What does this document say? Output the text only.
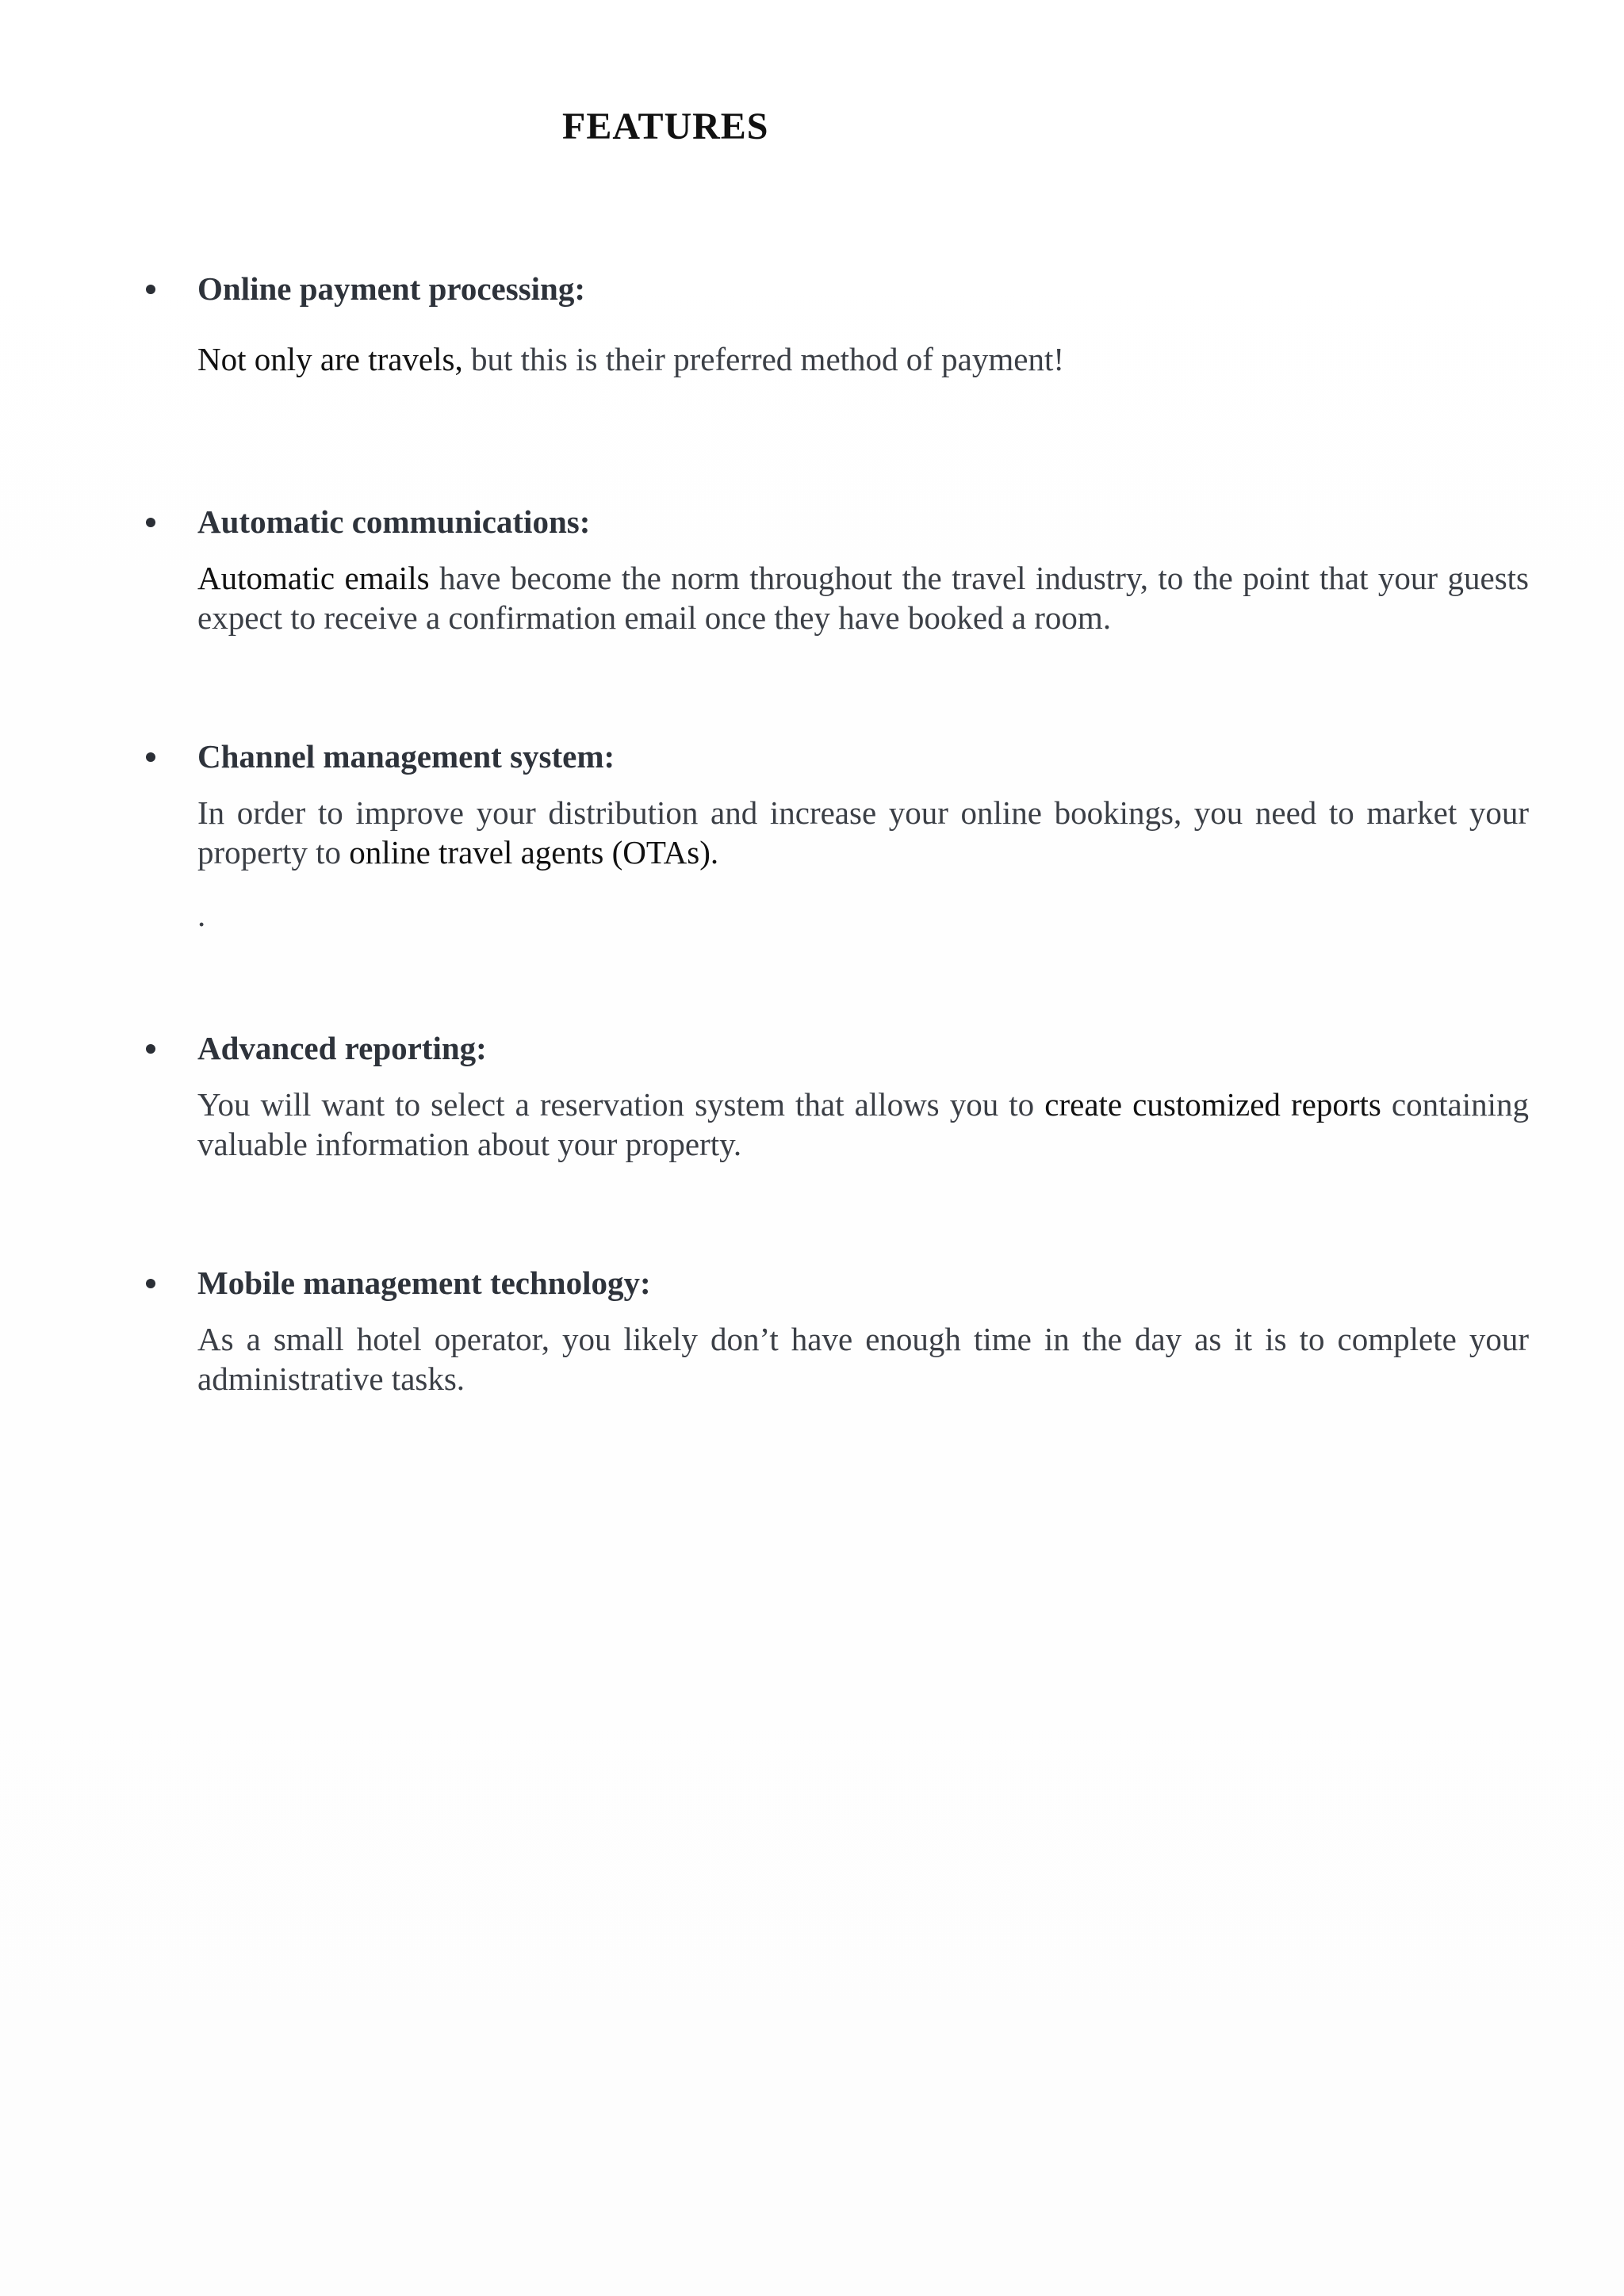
FEATURES
Online payment processing:

Not only are travels, but this is their preferred method of payment!

Automatic communications:

Automatic emails have become the norm throughout the travel industry, to the point that your guests expect to receive a confirmation email once they have booked a room.

Channel management system:

In order to improve your distribution and increase your online bookings, you need to market your property to online travel agents (OTAs).

.
Advanced reporting:

You will want to select a reservation system that allows you to create customized reports containing valuable information about your property.

Mobile management technology:

As a small hotel operator, you likely don’t have enough time in the day as it is to complete your administrative tasks.
